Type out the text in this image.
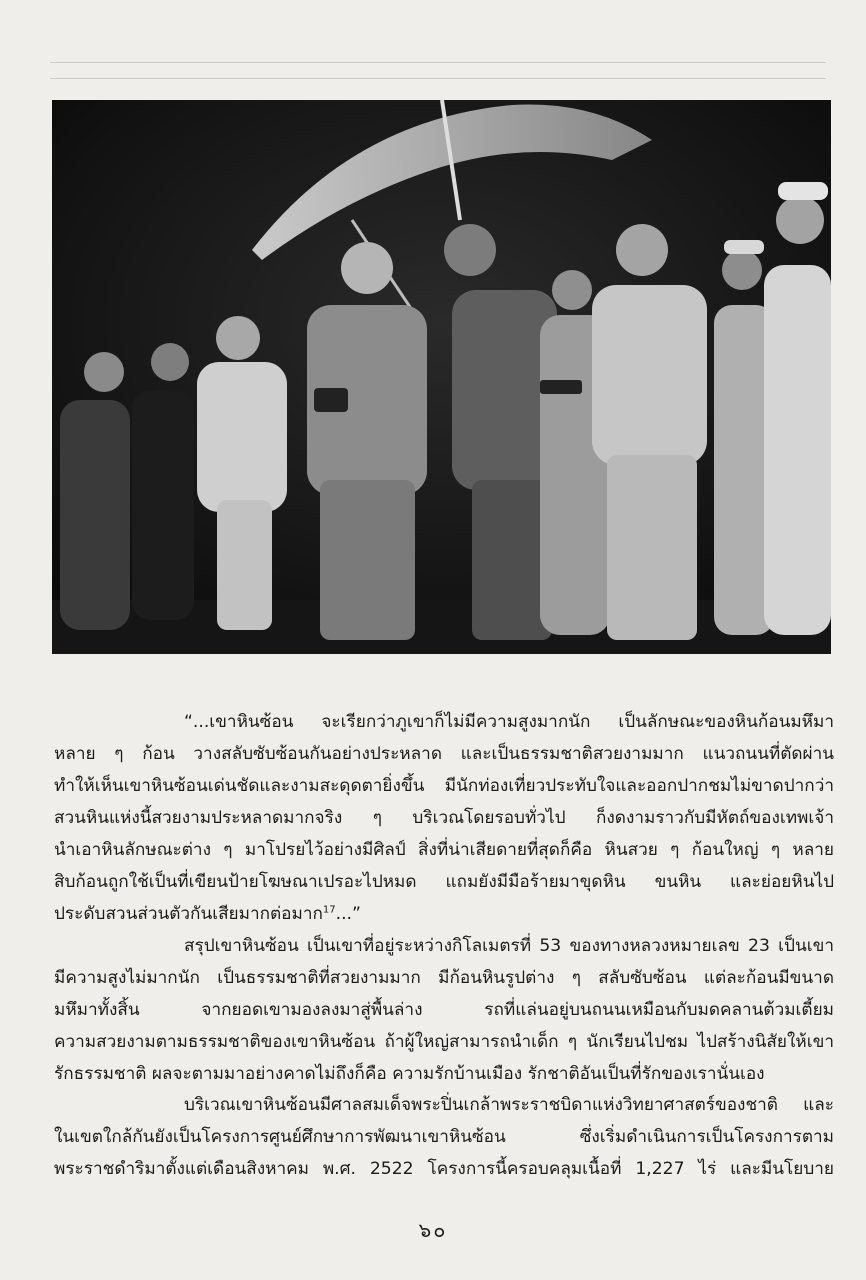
“...เขาหินซ้อน จะเรียกว่าภูเขาก็ไม่มีความสูงมากนัก เป็นลักษณะของหินก้อนมหึมา
หลาย ๆ ก้อน วางสลับซับซ้อนกันอย่างประหลาด และเป็นธรรมชาติสวยงามมาก แนวถนนที่ตัดผ่าน
ทำให้เห็นเขาหินซ้อนเด่นชัดและงามสะดุดตายิ่งขึ้น มีนักท่องเที่ยวประทับใจและออกปากชมไม่ขาดปากว่า
สวนหินแห่งนี้สวยงามประหลาดมากจริง ๆ บริเวณโดยรอบทั่วไป ก็งดงามราวกับมีหัตถ์ของเทพเจ้า
นำเอาหินลักษณะต่าง ๆ มาโปรยไว้อย่างมีศิลป์ สิ่งที่น่าเสียดายที่สุดก็คือ หินสวย ๆ ก้อนใหญ่ ๆ หลาย
สิบก้อนถูกใช้เป็นที่เขียนป้ายโฆษณาเปรอะไปหมด แถมยังมีมือร้ายมาขุดหิน ขนหิน และย่อยหินไป
ประดับสวนส่วนตัวกันเสียมากต่อมาก$^{17}$...”
สรุปเขาหินซ้อน เป็นเขาที่อยู่ระหว่างกิโลเมตรที่ 53 ของทางหลวงหมายเลข 23 เป็นเขา
มีความสูงไม่มากนัก เป็นธรรมชาติที่สวยงามมาก มีก้อนหินรูปต่าง ๆ สลับซับซ้อน แต่ละก้อนมีขนาด
มหึมาทั้งสิ้น จากยอดเขามองลงมาสู่พื้นล่าง รถที่แล่นอยู่บนถนนเหมือนกับมดคลานต้วมเตี้ยม
ความสวยงามตามธรรมชาติของเขาหินซ้อน ถ้าผู้ใหญ่สามารถนำเด็ก ๆ นักเรียนไปชม ไปสร้างนิสัยให้เขา
รักธรรมชาติ ผลจะตามมาอย่างคาดไม่ถึงก็คือ ความรักบ้านเมือง รักชาติอันเป็นที่รักของเรานั่นเอง
บริเวณเขาหินซ้อนมีศาลสมเด็จพระปิ่นเกล้าพระราชบิดาแห่งวิทยาศาสตร์ของชาติ และ
ในเขตใกล้กันยังเป็นโครงการศูนย์ศึกษาการพัฒนาเขาหินซ้อน ซึ่งเริ่มดำเนินการเป็นโครงการตาม
พระราชดำริมาตั้งแต่เดือนสิงหาคม พ.ศ. 2522 โครงการนี้ครอบคลุมเนื้อที่ 1,227 ไร่ และมีนโยบาย
๖๐
